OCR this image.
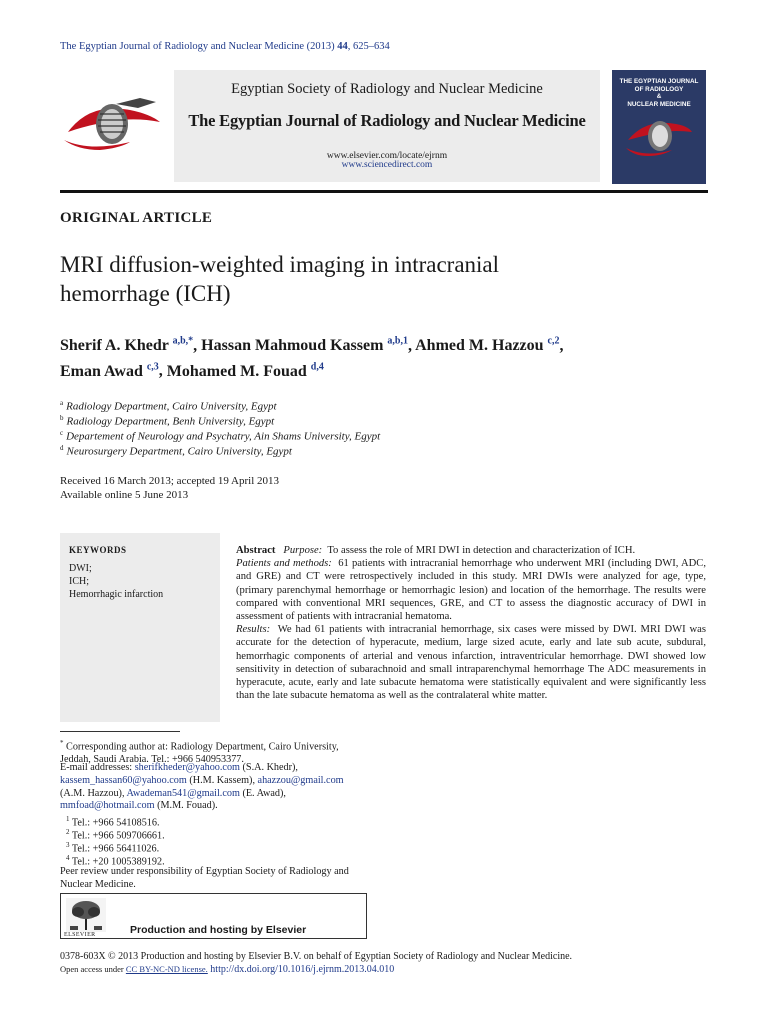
The Egyptian Journal of Radiology and Nuclear Medicine (2013) 44, 625–634
Egyptian Society of Radiology and Nuclear Medicine
The Egyptian Journal of Radiology and Nuclear Medicine
www.elsevier.com/locate/ejrnm
www.sciencedirect.com
THE EGYPTIAN JOURNAL
OF RADIOLOGY
&
NUCLEAR MEDICINE
ORIGINAL ARTICLE
MRI diffusion-weighted imaging in intracranial
hemorrhage (ICH)
Sherif A. Khedr $^{a,b,*}$, Hassan Mahmoud Kassem $^{a,b,1}$, Ahmed M. Hazzou $^{c,2}$,
Eman Awad $^{c,3}$, Mohamed M. Fouad $^{d,4}$
$^a$ Radiology Department, Cairo University, Egypt
$^b$ Radiology Department, Benh University, Egypt
$^c$ Departement of Neurology and Psychatry, Ain Shams University, Egypt
$^d$ Neurosurgery Department, Cairo University, Egypt
Received 16 March 2013; accepted 19 April 2013
Available online 5 June 2013
KEYWORDS
DWI;
ICH;
Hemorrhagic infarction
Abstract Purpose: To assess the role of MRI DWI in detection and characterization of ICH.
Patients and methods: 61 patients with intracranial hemorrhage who underwent MRI (including DWI, ADC, and GRE) and CT were retrospectively included in this study. MRI DWIs were analyzed for age, type, (primary parenchymal hemorrhage or hemorrhagic lesion) and location of the hemorrhage. The results were compared with conventional MRI sequences, GRE, and CT to assess the diagnostic accuracy of DWI in assessment of patients with intracranial hematoma.
Results: We had 61 patients with intracranial hemorrhage, six cases were missed by DWI. MRI DWI was accurate for the detection of hyperacute, medium, large sized acute, early and late sub acute, subdural, hemorrhagic components of arterial and venous infarction, intraventricular hemorrhage. DWI showed low sensitivity in detection of subarachnoid and small intraparenchymal hemorrhage The ADC measurements in hyperacute, acute, early and late subacute hematoma were statistically equivalent and were significantly less than the late subacute hematoma as well as the contralateral white matter.
* Corresponding author at: Radiology Department, Cairo University, Jeddah, Saudi Arabia. Tel.: +966 540953377.
E-mail addresses: sherifkheder@yahoo.com (S.A. Khedr), kassem_hassan60@yahoo.com (H.M. Kassem), ahazzou@gmail.com (A.M. Hazzou), Awademan541@gmail.com (E. Awad), mmfoad@hotmail.com (M.M. Fouad).
$^1$ Tel.: +966 54108516.
$^2$ Tel.: +966 509706661.
$^3$ Tel.: +966 56411026.
$^4$ Tel.: +20 1005389192.
Peer review under responsibility of Egyptian Society of Radiology and Nuclear Medicine.
ELSEVIER	Production and hosting by Elsevier
0378-603X © 2013 Production and hosting by Elsevier B.V. on behalf of Egyptian Society of Radiology and Nuclear Medicine.
Open access under CC BY-NC-ND license. http://dx.doi.org/10.1016/j.ejrnm.2013.04.010
